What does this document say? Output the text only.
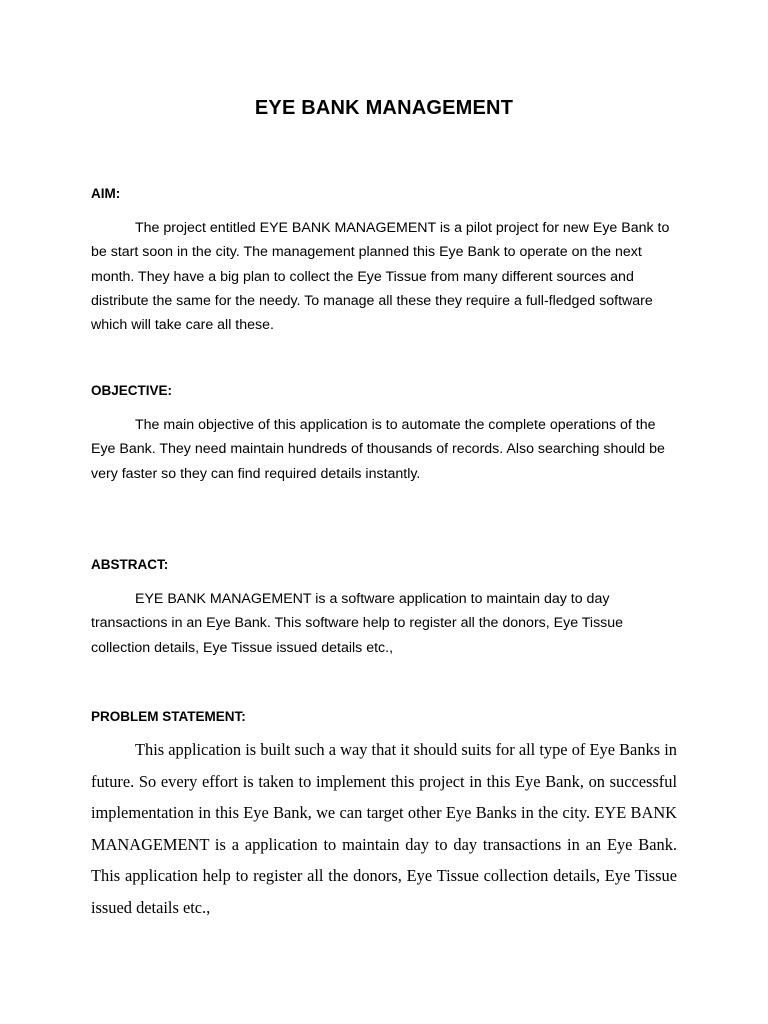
EYE BANK MANAGEMENT
AIM:

The project entitled EYE BANK MANAGEMENT is a pilot project for new Eye Bank to be start soon in the city. The management planned this Eye Bank to operate on the next month. They have a big plan to collect the Eye Tissue from many different sources and distribute the same for the needy. To manage all these they require a full-fledged software which will take care all these.

OBJECTIVE:

The main objective of this application is to automate the complete operations of the Eye Bank. They need maintain hundreds of thousands of records. Also searching should be very faster so they can find required details instantly.

ABSTRACT:

EYE BANK MANAGEMENT is a software application to maintain day to day transactions in an Eye Bank. This software help to register all the donors, Eye Tissue collection details, Eye Tissue issued details etc.,

PROBLEM STATEMENT:

This application is built such a way that it should suits for all type of Eye Banks in future. So every effort is taken to implement this project in this Eye Bank, on successful implementation in this Eye Bank, we can target other Eye Banks in the city. EYE BANK MANAGEMENT is a application to maintain day to day transactions in an Eye Bank. This application help to register all the donors, Eye Tissue collection details, Eye Tissue issued details etc.,
